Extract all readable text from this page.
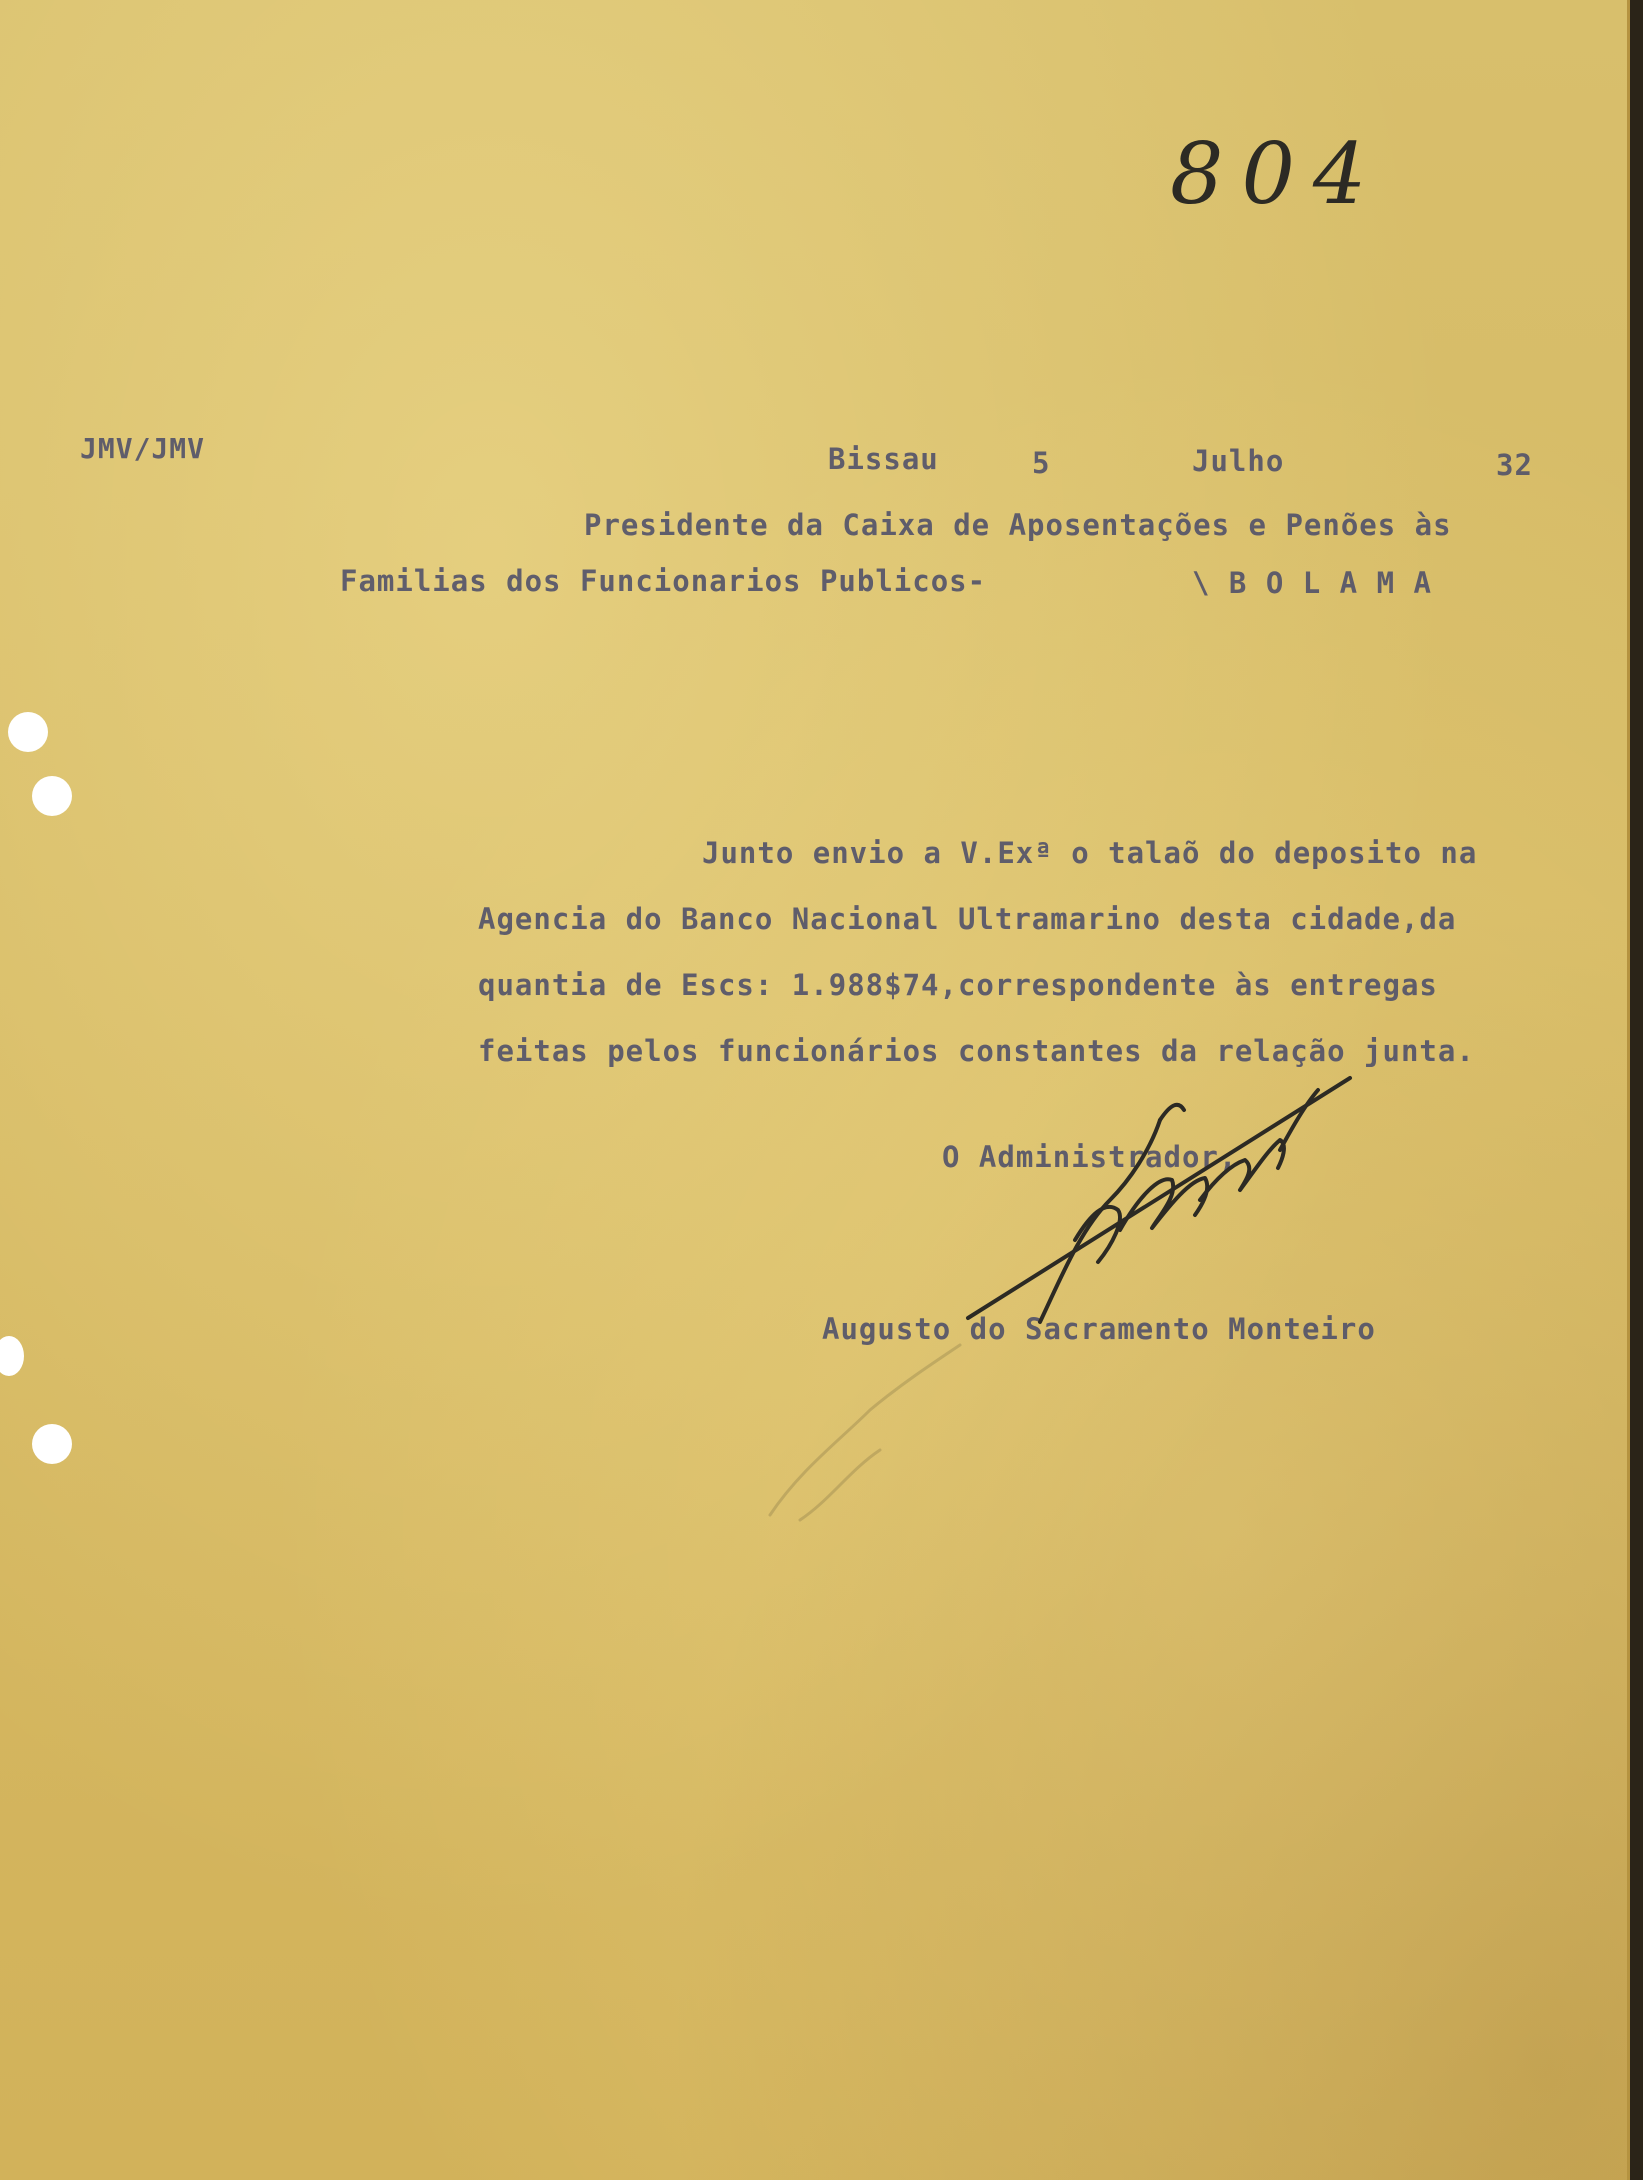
804
JMV/JMV	Bissau	5	Julho	32
Presidente da Caixa de Aposentações e Penões às
Familias dos Funcionarios Publicos-	\ B O L A M A
Junto envio a V.Exª o talaõ do deposito na
Agencia do Banco Nacional Ultramarino desta cidade,da
quantia de Escs: 1.988$74,correspondente às entregas
feitas pelos funcionários constantes da relação junta.
O Administrador,
Augusto do Sacramento Monteiro
